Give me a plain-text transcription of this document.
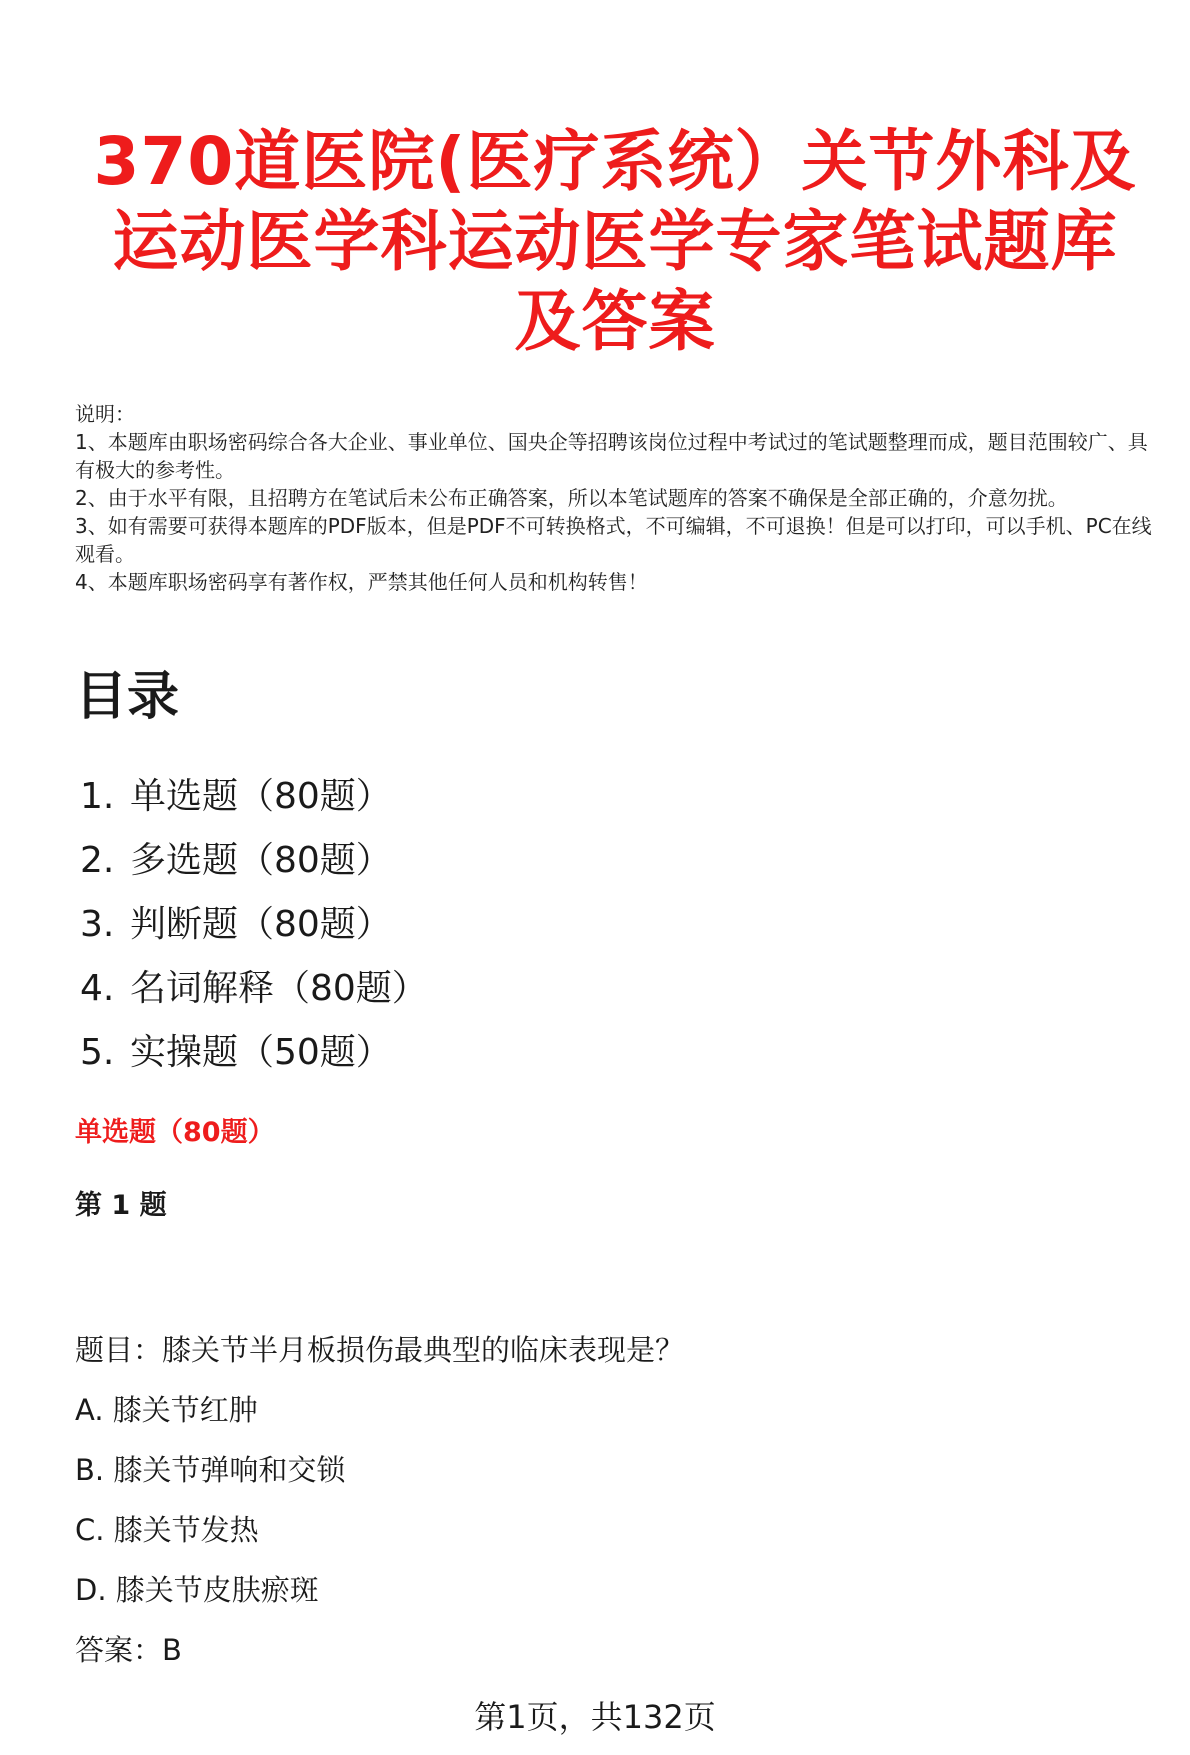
370道医院(医疗系统）关节外科及运动医学科运动医学专家笔试题库及答案

说明：

1、本题库由职场密码综合各大企业、事业单位、国央企等招聘该岗位过程中考试过的笔试题整理而成，题目范围较广、具有极大的参考性。

2、由于水平有限，且招聘方在笔试后未公布正确答案，所以本笔试题库的答案不确保是全部正确的，介意勿扰。

3、如有需要可获得本题库的PDF版本，但是PDF不可转换格式，不可编辑，不可退换！但是可以打印，可以手机、PC在线观看。

4、本题库职场密码享有著作权，严禁其他任何人员和机构转售！

目录
1. 单选题（80题）
2. 多选题（80题）
3. 判断题（80题）
4. 名词解释（80题）
5. 实操题（50题）
单选题（80题）
第 1 题
题目：膝关节半月板损伤最典型的临床表现是？
A. 膝关节红肿
B. 膝关节弹响和交锁
C. 膝关节发热
D. 膝关节皮肤瘀斑
答案：B
第1页，共132页
